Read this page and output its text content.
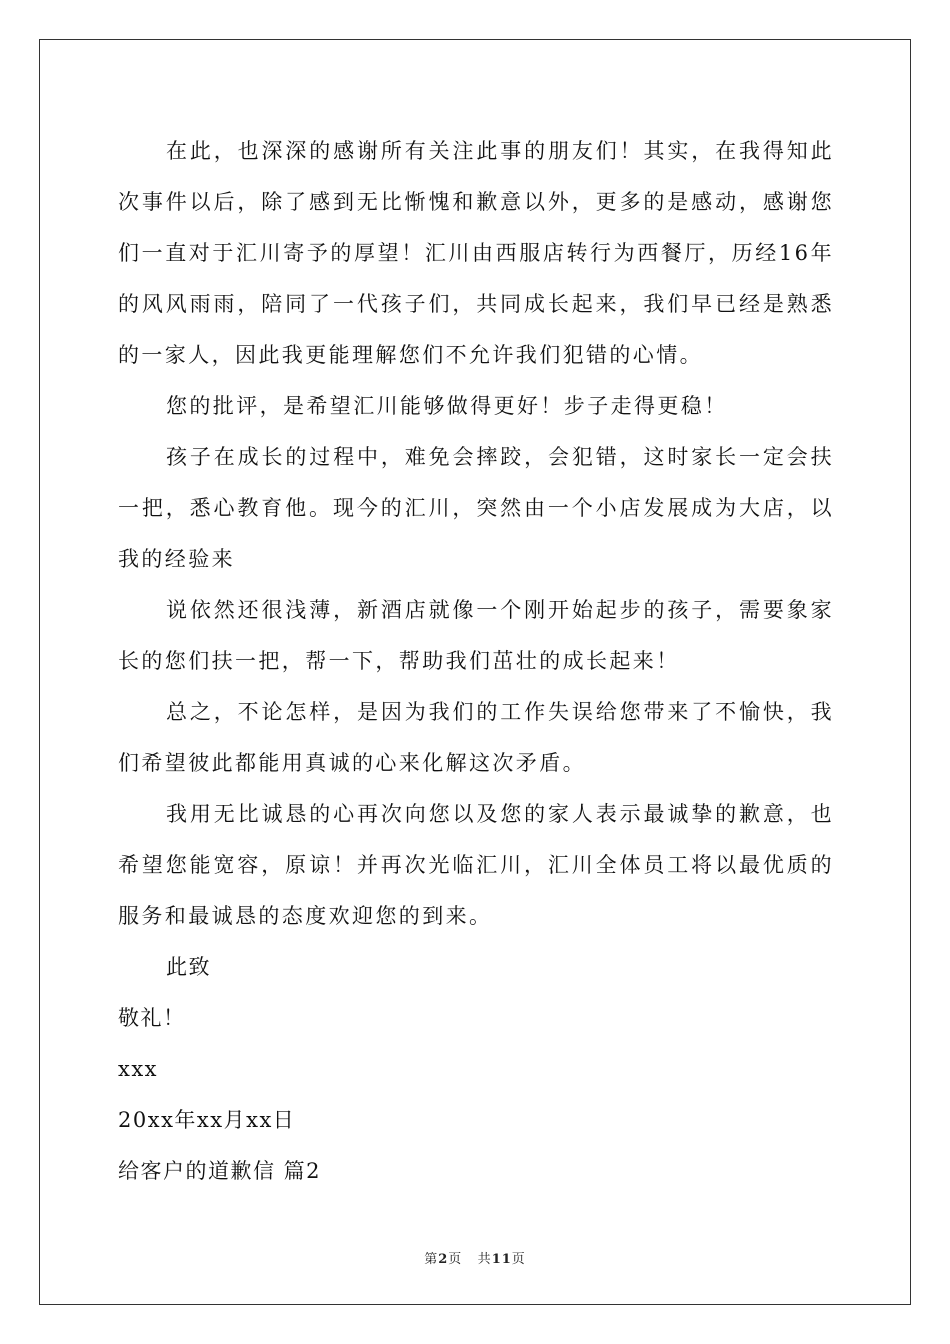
在此，也深深的感谢所有关注此事的朋友们！其实，在我得知此次事件以后，除了感到无比惭愧和歉意以外，更多的是感动，感谢您们一直对于汇川寄予的厚望！汇川由西服店转行为西餐厅，历经16年的风风雨雨，陪同了一代孩子们，共同成长起来，我们早已经是熟悉的一家人，因此我更能理解您们不允许我们犯错的心情。

您的批评，是希望汇川能够做得更好！步子走得更稳！

孩子在成长的过程中，难免会摔跤，会犯错，这时家长一定会扶一把，悉心教育他。现今的汇川，突然由一个小店发展成为大店，以我的经验来

说依然还很浅薄，新酒店就像一个刚开始起步的孩子，需要象家长的您们扶一把，帮一下，帮助我们茁壮的成长起来！

总之，不论怎样，是因为我们的工作失误给您带来了不愉快，我们希望彼此都能用真诚的心来化解这次矛盾。

我用无比诚恳的心再次向您以及您的家人表示最诚挚的歉意，也希望您能宽容，原谅！并再次光临汇川，汇川全体员工将以最优质的服务和最诚恳的态度欢迎您的到来。

此致

敬礼！

xxx

20xx年xx月xx日

给客户的道歉信 篇2

第2页 共11页
